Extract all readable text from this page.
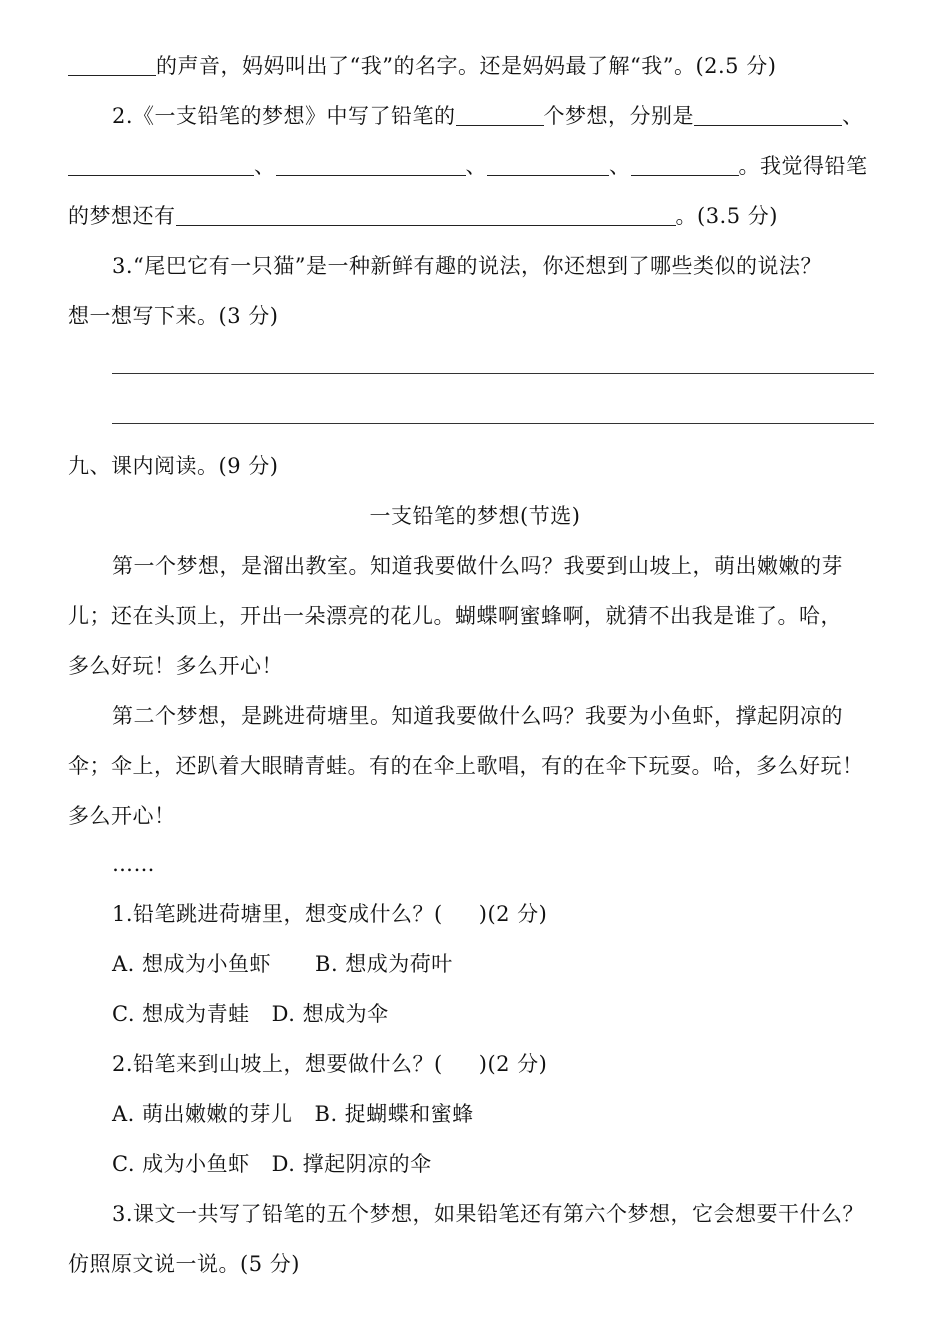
的声音，妈妈叫出了“我”的名字。还是妈妈最了解“我”。(2.5 分)
2.《一支铅笔的梦想》中写了铅笔的	个梦想，分别是	、
、	、	、	。我觉得铅笔
的梦想还有	。(3.5 分)
3.“尾巴它有一只猫”是一种新鲜有趣的说法，你还想到了哪些类似的说法？
想一想写下来。(3 分)
九、课内阅读。(9 分)
一支铅笔的梦想(节选)
第一个梦想，是溜出教室。知道我要做什么吗？我要到山坡上，萌出嫩嫩的芽
儿；还在头顶上，开出一朵漂亮的花儿。蝴蝶啊蜜蜂啊，就猜不出我是谁了。哈，
多么好玩！多么开心！
第二个梦想，是跳进荷塘里。知道我要做什么吗？我要为小鱼虾，撑起阴凉的
伞；伞上，还趴着大眼睛青蛙。有的在伞上歌唱，有的在伞下玩耍。哈，多么好玩！
多么开心！
……
1.铅笔跳进荷塘里，想变成什么？( )(2 分)
A. 想成为小鱼虾 B. 想成为荷叶
C. 想成为青蛙 D. 想成为伞
2.铅笔来到山坡上，想要做什么？( )(2 分)
A. 萌出嫩嫩的芽儿 B. 捉蝴蝶和蜜蜂
C. 成为小鱼虾 D. 撑起阴凉的伞
3.课文一共写了铅笔的五个梦想，如果铅笔还有第六个梦想，它会想要干什么？
仿照原文说一说。(5 分)
